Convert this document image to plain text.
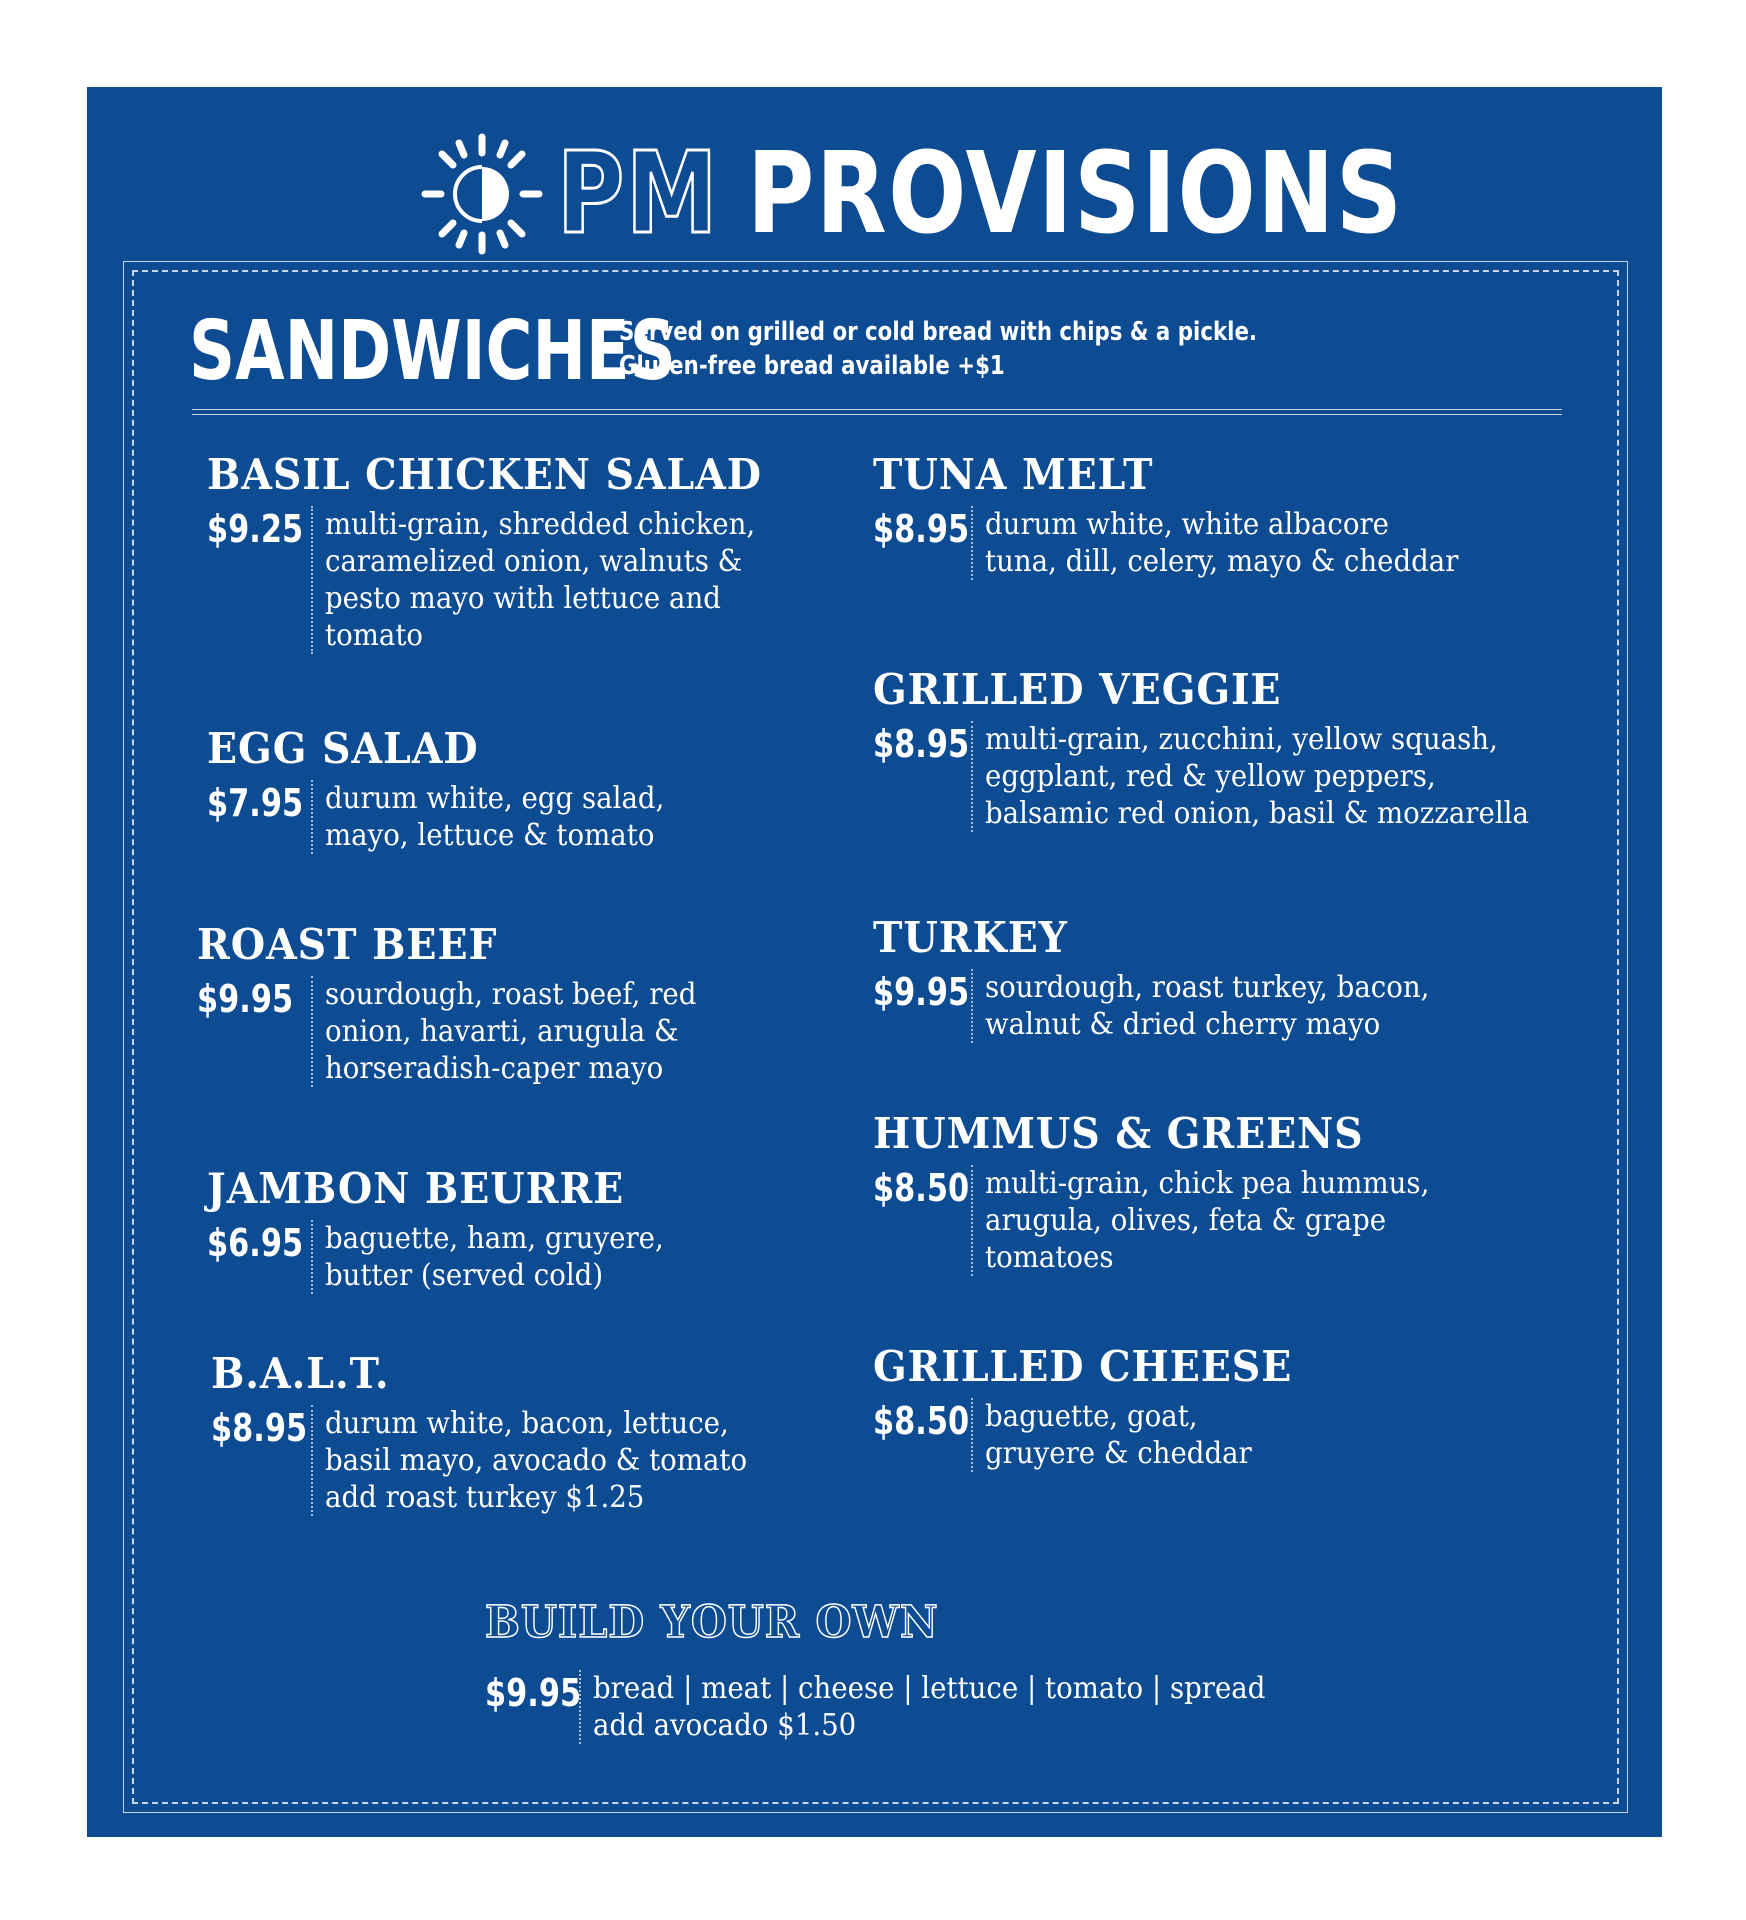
PM PROVISIONS
SANDWICHES
Served on grilled or cold bread with chips & a pickle.
Gluten-free bread available +$1
BASIL CHICKEN SALAD
$9.25 multi-grain, shredded chicken,
caramelized onion, walnuts &
pesto mayo with lettuce and
tomato
EGG SALAD
$7.95 durum white, egg salad,
mayo, lettuce & tomato
ROAST BEEF
$9.95 sourdough, roast beef, red
onion, havarti, arugula &
horseradish-caper mayo
JAMBON BEURRE
$6.95 baguette, ham, gruyere,
butter (served cold)
B.A.L.T.
$8.95 durum white, bacon, lettuce,
basil mayo, avocado & tomato
add roast turkey $1.25
TUNA MELT
$8.95 durum white, white albacore
tuna, dill, celery, mayo & cheddar
GRILLED VEGGIE
$8.95 multi-grain, zucchini, yellow squash,
eggplant, red & yellow peppers,
balsamic red onion, basil & mozzarella
TURKEY
$9.95 sourdough, roast turkey, bacon,
walnut & dried cherry mayo
HUMMUS & GREENS
$8.50 multi-grain, chick pea hummus,
arugula, olives, feta & grape
tomatoes
GRILLED CHEESE
$8.50 baguette, goat,
gruyere & cheddar
BUILD YOUR OWN
$9.95 bread | meat | cheese | lettuce | tomato | spread
add avocado $1.50
